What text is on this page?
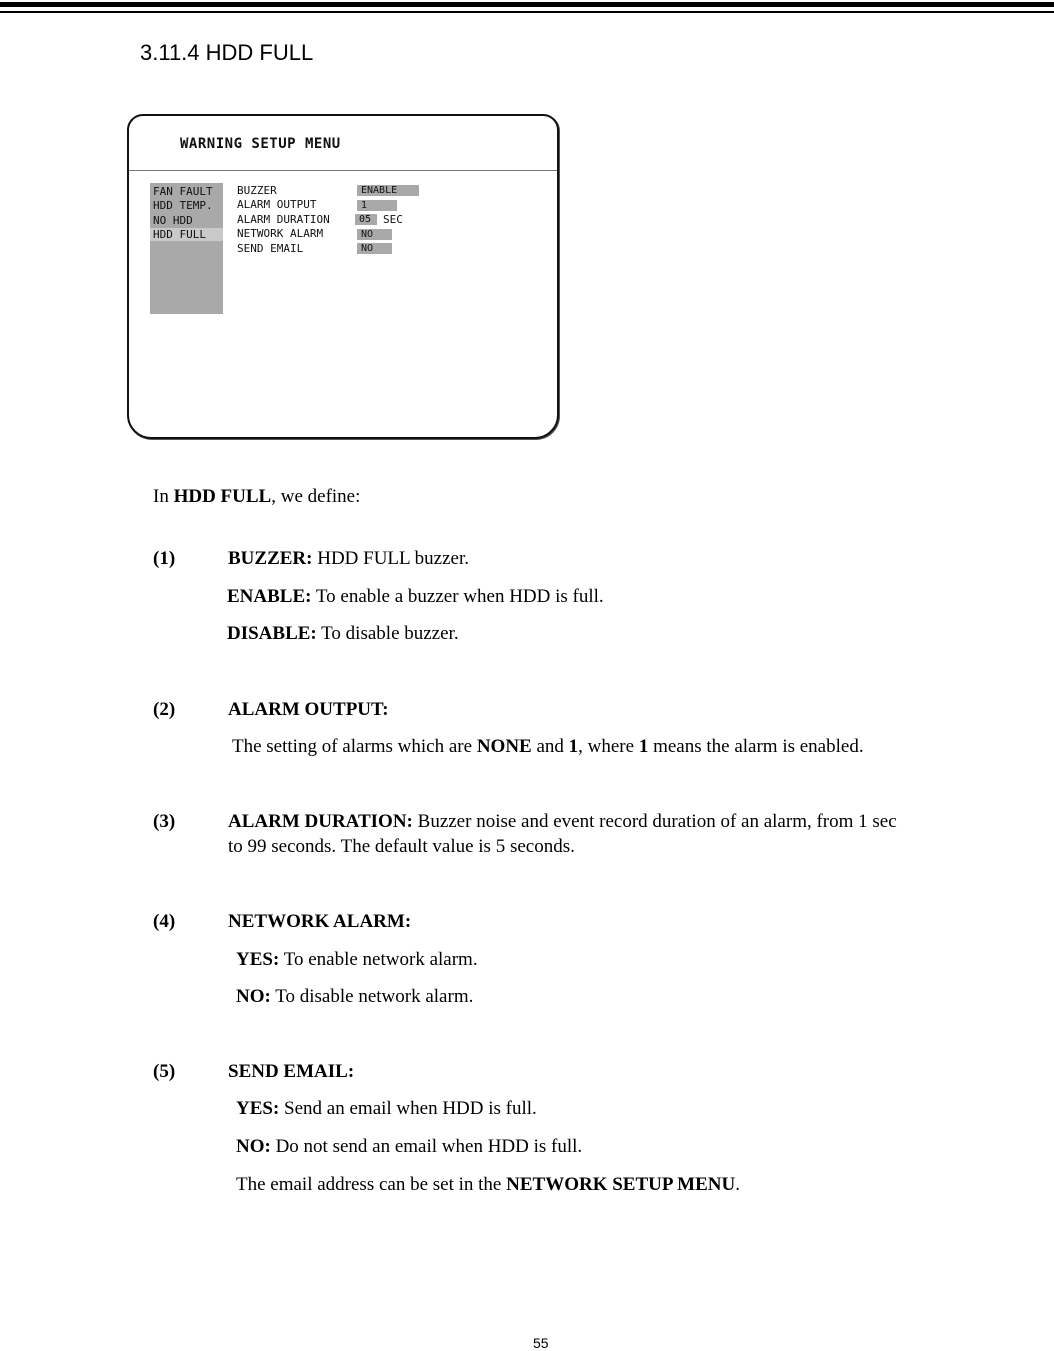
3.11.4 HDD FULL
WARNING SETUP MENU
FAN FAULT
HDD TEMP.
NO HDD
HDD FULL
BUZZER	ENABLE
ALARM OUTPUT	1
ALARM DURATION	05	SEC
NETWORK ALARM	NO
SEND EMAIL	NO
In HDD FULL, we define:
(1)	BUZZER: HDD FULL buzzer.
ENABLE: To enable a buzzer when HDD is full.
DISABLE: To disable buzzer.
(2)	ALARM OUTPUT:
The setting of alarms which are NONE and 1, where 1 means the alarm is enabled.
(3)	ALARM DURATION: Buzzer noise and event record duration of an alarm, from 1 sec
to 99 seconds. The default value is 5 seconds.
(4)	NETWORK ALARM:
YES: To enable network alarm.
NO: To disable network alarm.
(5)	SEND EMAIL:
YES: Send an email when HDD is full.
NO: Do not send an email when HDD is full.
The email address can be set in the NETWORK SETUP MENU.
55
